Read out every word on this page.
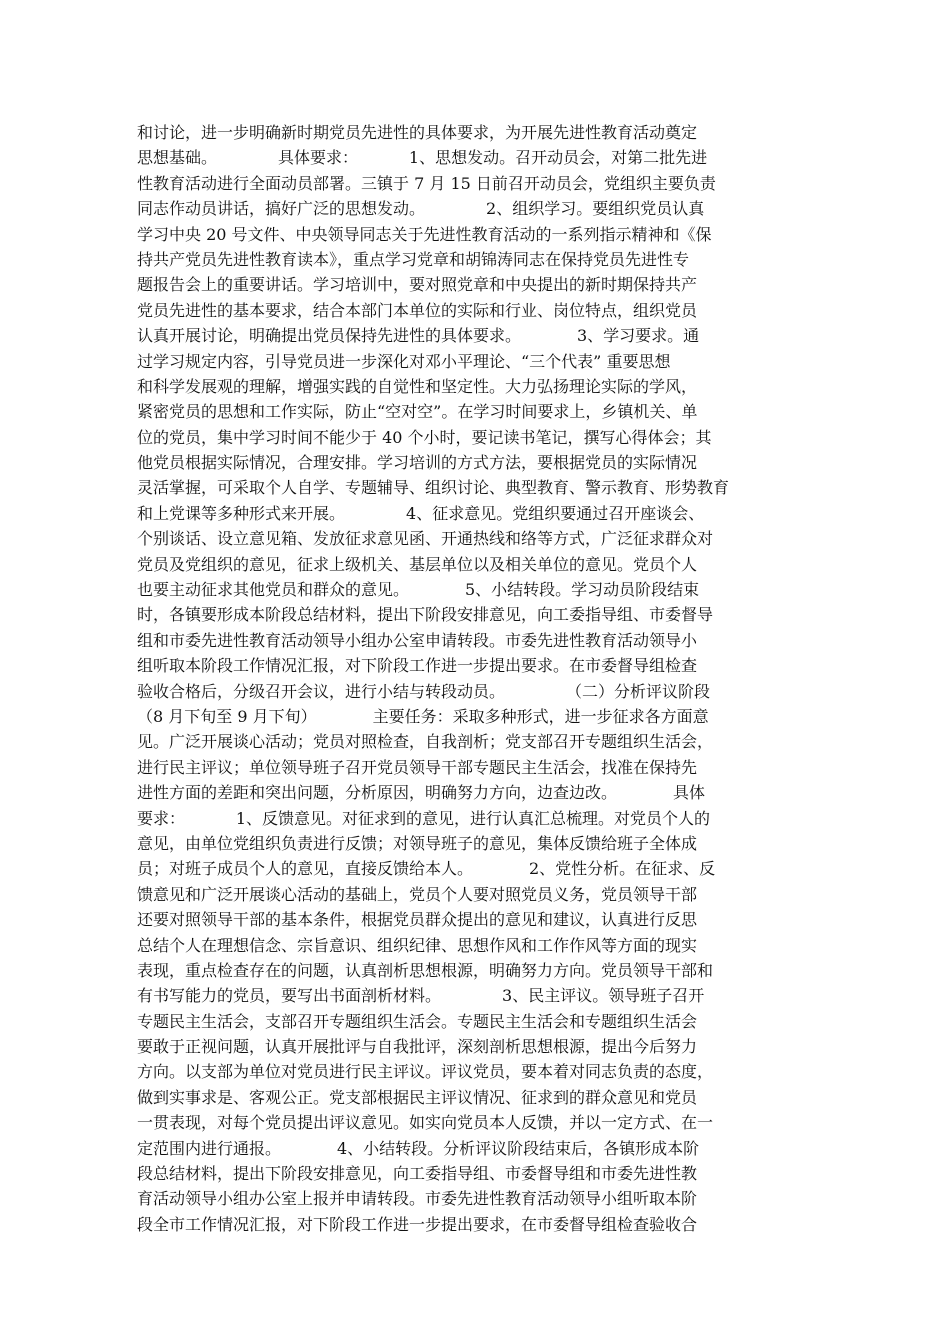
和讨论，进一步明确新时期党员先进性的具体要求，为开展先进性教育活动奠定
思想基础。            具体要求：          1、思想发动。召开动员会，对第二批先进
性教育活动进行全面动员部署。三镇于 7 月 15 日前召开动员会，党组织主要负责
同志作动员讲话，搞好广泛的思想发动。            2、组织学习。要组织党员认真
学习中央 20 号文件、中央领导同志关于先进性教育活动的一系列指示精神和《保
持共产党员先进性教育读本》，重点学习党章和胡锦涛同志在保持党员先进性专
题报告会上的重要讲话。学习培训中，要对照党章和中央提出的新时期保持共产
党员先进性的基本要求，结合本部门本单位的实际和行业、岗位特点，组织党员
认真开展讨论，明确提出党员保持先进性的具体要求。           3、学习要求。通
过学习规定内容，引导党员进一步深化对邓小平理论、“三个代表” 重要思想
和科学发展观的理解，增强实践的自觉性和坚定性。大力弘扬理论实际的学风，
紧密党员的思想和工作实际，防止“空对空”。在学习时间要求上，乡镇机关、单
位的党员，集中学习时间不能少于 40 个小时，要记读书笔记，撰写心得体会；其
他党员根据实际情况，合理安排。学习培训的方式方法，要根据党员的实际情况
灵活掌握，可采取个人自学、专题辅导、组织讨论、典型教育、警示教育、形势教育
和上党课等多种形式来开展。            4、征求意见。党组织要通过召开座谈会、
个别谈话、设立意见箱、发放征求意见函、开通热线和络等方式，广泛征求群众对
党员及党组织的意见，征求上级机关、基层单位以及相关单位的意见。党员个人
也要主动征求其他党员和群众的意见。           5、小结转段。学习动员阶段结束
时，各镇要形成本阶段总结材料，提出下阶段安排意见，向工委指导组、市委督导
组和市委先进性教育活动领导小组办公室申请转段。市委先进性教育活动领导小
组听取本阶段工作情况汇报，对下阶段工作进一步提出要求。在市委督导组检查
验收合格后，分级召开会议，进行小结与转段动员。            （二）分析评议阶段
（8 月下旬至 9 月下旬）           主要任务：采取多种形式，进一步征求各方面意
见。广泛开展谈心活动；党员对照检查，自我剖析；党支部召开专题组织生活会，
进行民主评议；单位领导班子召开党员领导干部专题民主生活会，找准在保持先
进性方面的差距和突出问题，分析原因，明确努力方向，边查边改。           具体
要求：          1、反馈意见。对征求到的意见，进行认真汇总梳理。对党员个人的
意见，由单位党组织负责进行反馈；对领导班子的意见，集体反馈给班子全体成
员；对班子成员个人的意见，直接反馈给本人。           2、党性分析。在征求、反
馈意见和广泛开展谈心活动的基础上，党员个人要对照党员义务，党员领导干部
还要对照领导干部的基本条件，根据党员群众提出的意见和建议，认真进行反思
总结个人在理想信念、宗旨意识、组织纪律、思想作风和工作作风等方面的现实
表现，重点检查存在的问题，认真剖析思想根源，明确努力方向。党员领导干部和
有书写能力的党员，要写出书面剖析材料。            3、民主评议。领导班子召开
专题民主生活会，支部召开专题组织生活会。专题民主生活会和专题组织生活会
要敢于正视问题，认真开展批评与自我批评，深刻剖析思想根源，提出今后努力
方向。以支部为单位对党员进行民主评议。评议党员，要本着对同志负责的态度，
做到实事求是、客观公正。党支部根据民主评议情况、征求到的群众意见和党员
一贯表现，对每个党员提出评议意见。如实向党员本人反馈，并以一定方式、在一
定范围内进行通报。           4、小结转段。分析评议阶段结束后，各镇形成本阶
段总结材料，提出下阶段安排意见，向工委指导组、市委督导组和市委先进性教
育活动领导小组办公室上报并申请转段。市委先进性教育活动领导小组听取本阶
段全市工作情况汇报，对下阶段工作进一步提出要求，在市委督导组检查验收合
